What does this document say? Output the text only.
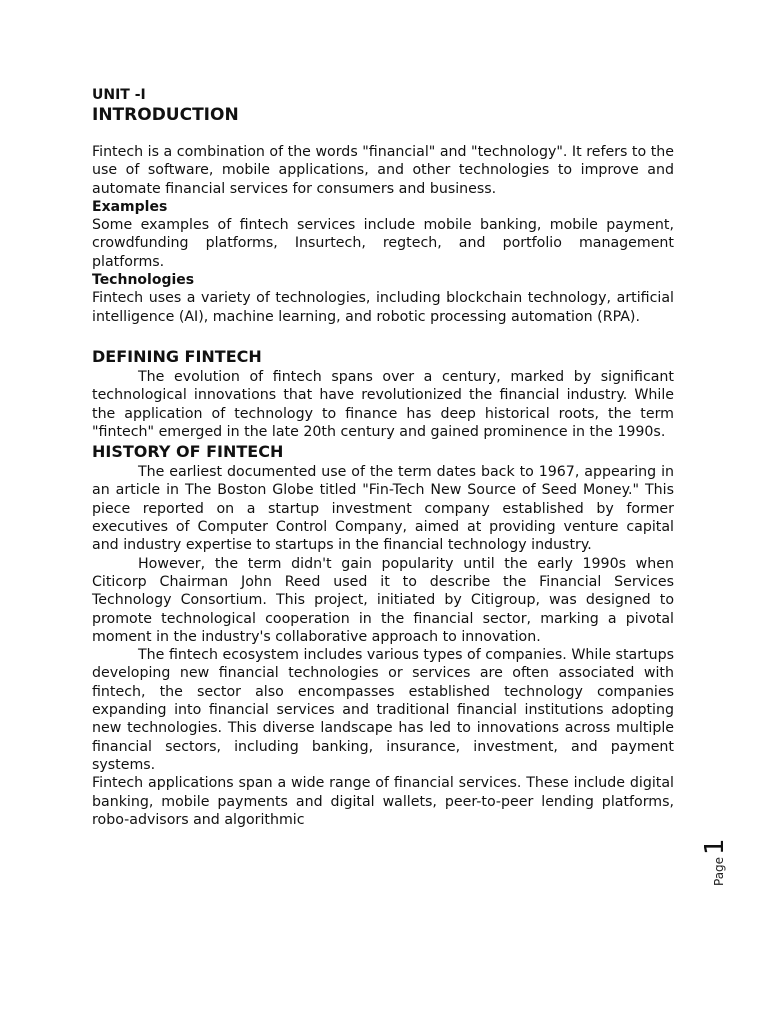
UNIT -I
INTRODUCTION

Fintech is a combination of the words "financial" and "technology". It refers to the use of software, mobile applications, and other technologies to improve and automate financial services for consumers and business.

Examples

Some examples of fintech services include mobile banking, mobile payment, crowdfunding platforms, Insurtech, regtech, and portfolio management platforms.

Technologies

Fintech uses a variety of technologies, including blockchain technology, artificial intelligence (AI), machine learning, and robotic processing automation (RPA).

DEFINING FINTECH

The evolution of fintech spans over a century, marked by significant technological innovations that have revolutionized the financial industry. While the application of technology to finance has deep historical roots, the term "fintech" emerged in the late 20th century and gained prominence in the 1990s.

HISTORY OF FINTECH

The earliest documented use of the term dates back to 1967, appearing in an article in The Boston Globe titled "Fin-Tech New Source of Seed Money." This piece reported on a startup investment company established by former executives of Computer Control Company, aimed at providing venture capital and industry expertise to startups in the financial technology industry.

However, the term didn't gain popularity until the early 1990s when Citicorp Chairman John Reed used it to describe the Financial Services Technology Consortium. This project, initiated by Citigroup, was designed to promote technological cooperation in the financial sector, marking a pivotal moment in the industry's collaborative approach to innovation.

The fintech ecosystem includes various types of companies. While startups developing new financial technologies or services are often associated with fintech, the sector also encompasses established technology companies expanding into financial services and traditional financial institutions adopting new technologies. This diverse landscape has led to innovations across multiple financial sectors, including banking, insurance, investment, and payment systems.

Fintech applications span a wide range of financial services. These include digital banking, mobile payments and digital wallets, peer-to-peer lending platforms, robo-advisors and algorithmic

Page
1
